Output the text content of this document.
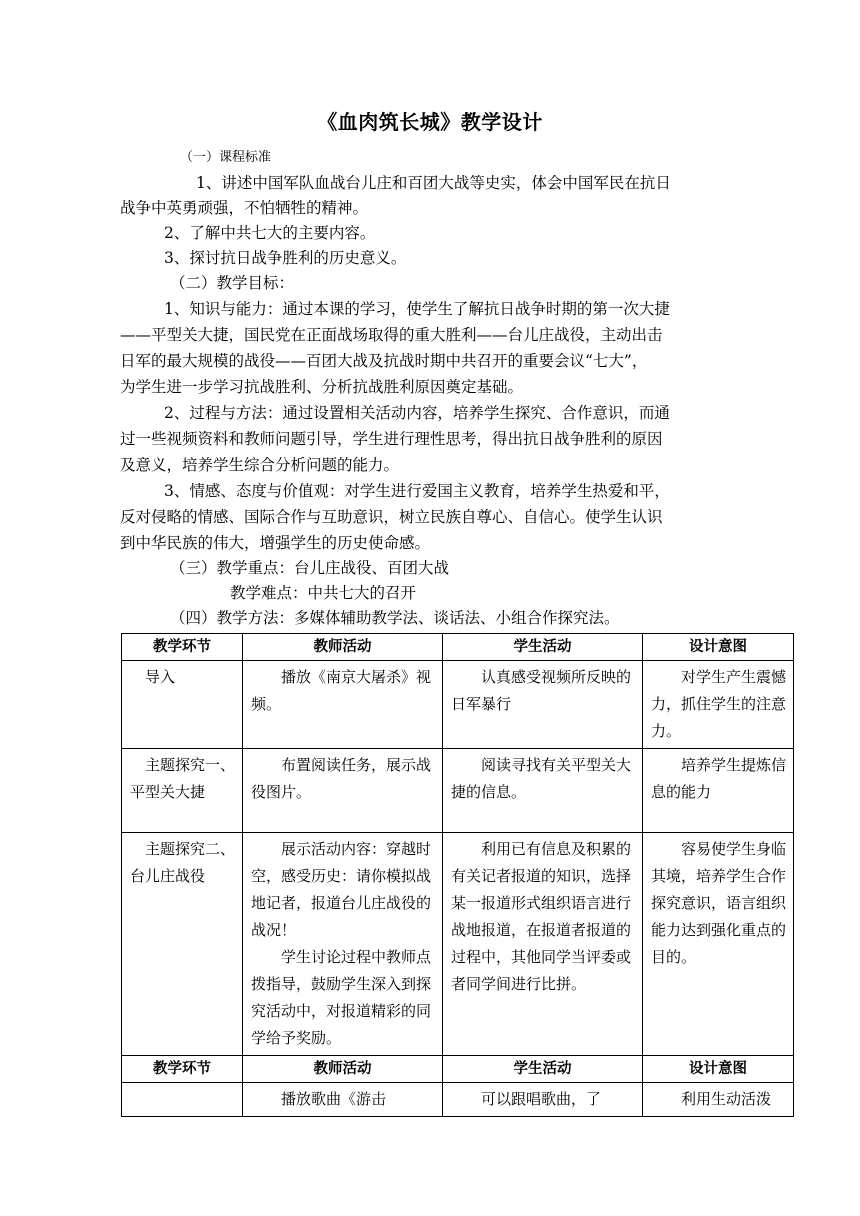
《血肉筑长城》教学设计
（一）课程标准
1、讲述中国军队血战台儿庄和百团大战等史实，体会中国军民在抗日
战争中英勇顽强，不怕牺牲的精神。
2、了解中共七大的主要内容。
3、探讨抗日战争胜利的历史意义。
（二）教学目标：
1、知识与能力：通过本课的学习，使学生了解抗日战争时期的第一次大捷
——平型关大捷，国民党在正面战场取得的重大胜利——台儿庄战役，主动出击
日军的最大规模的战役——百团大战及抗战时期中共召开的重要会议“七大”，
为学生进一步学习抗战胜利、分析抗战胜利原因奠定基础。
2、过程与方法：通过设置相关活动内容，培养学生探究、合作意识，而通
过一些视频资料和教师问题引导，学生进行理性思考，得出抗日战争胜利的原因
及意义，培养学生综合分析问题的能力。
3、情感、态度与价值观：对学生进行爱国主义教育，培养学生热爱和平，
反对侵略的情感、国际合作与互助意识，树立民族自尊心、自信心。使学生认识
到中华民族的伟大，增强学生的历史使命感。
（三）教学重点：台儿庄战役、百团大战
教学难点：中共七大的召开
（四）教学方法：多媒体辅助教学法、谈话法、小组合作探究法。
教学环节	教师活动	学生活动	设计意图

导入	播放《南京大屠杀》视频。	认真感受视频所反映的日军暴行	对学生产生震憾力，抓住学生的注意力。

主题探究一、平型关大捷	布置阅读任务，展示战役图片。	阅读寻找有关平型关大捷的信息。	培养学生提炼信息的能力

主题探究二、台儿庄战役	展示活动内容：穿越时空，感受历史：请你模拟战地记者，报道台儿庄战役的战况！
学生讨论过程中教师点拨指导，鼓励学生深入到探究活动中，对报道精彩的同学给予奖励。	利用已有信息及积累的有关记者报道的知识，选择某一报道形式组织语言进行战地报道，在报道者报道的过程中，其他同学当评委或者同学间进行比拼。	容易使学生身临其境，培养学生合作探究意识，语言组织能力达到强化重点的目的。

教学环节	教师活动	学生活动	设计意图

	播放歌曲《游击	可以跟唱歌曲，了	利用生动活泼
